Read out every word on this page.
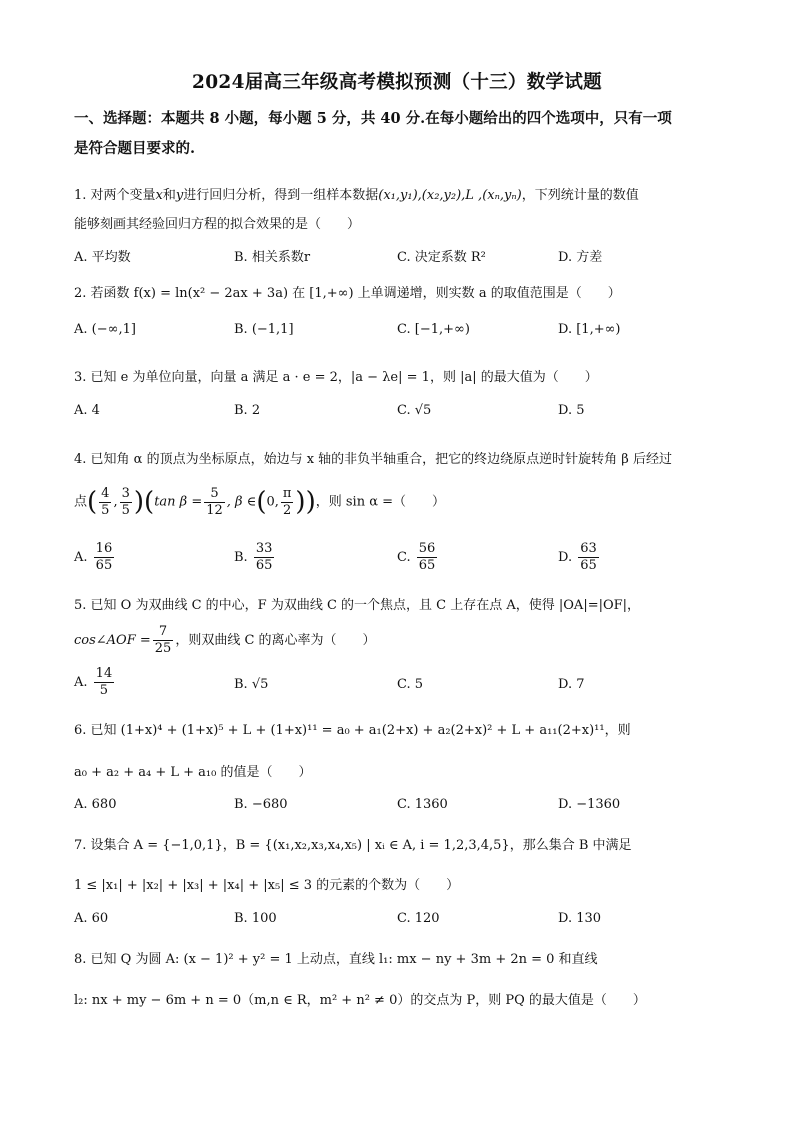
2024届高三年级高考模拟预测（十三）数学试题
一、选择题：本题共 8 小题，每小题 5 分，共 40 分.在每小题给出的四个选项中，只有一项
是符合题目要求的.
1. 对两个变量x和y进行回归分析，得到一组样本数据(x₁,y₁),(x₂,y₂),L ,(xₙ,yₙ)，下列统计量的数值
能够刻画其经验回归方程的拟合效果的是（　　）
A. 平均数	B. 相关系数r	C. 决定系数 R²	D. 方差
2. 若函数 f(x) = ln(x² − 2ax + 3a) 在 [1,+∞) 上单调递增，则实数 a 的取值范围是（　　）
A. (−∞,1]	B. (−1,1]	C. [−1,+∞)	D. [1,+∞)
3. 已知 e 为单位向量，向量 a 满足 a · e = 2，|a − λe| = 1，则 |a| 的最大值为（　　）
A. 4	B. 2	C. √5	D. 5
4. 已知角 α 的顶点为坐标原点，始边与 x 轴的非负半轴重合，把它的终边绕原点逆时针旋转角 β 后经过
点( $\frac{4}{5}$ , $\frac{3}{5} )(\tan$ $\beta = \frac{5}{12}$ , β ∈(0, $\frac{\pi}{2}$ ))，则 sin α =（　　）
A. $\frac{16}{65}$	B. $\frac{33}{65}$	C. $\frac{56}{65}$	D. $\frac{63}{65}$
5. 已知 O 为双曲线 C 的中心，F 为双曲线 C 的一个焦点，且 C 上存在点 A，使得 |OA|=|OF|，
cos∠AOF = $\frac{7}{25}$ ，则双曲线 C 的离心率为（　　）
A. $\frac{14}{5}$	B. √5	C. 5	D. 7
6. 已知 (1+x)⁴ + (1+x)⁵ + L + (1+x)¹¹ = a₀ + a₁(2+x) + a₂(2+x)² + L + a₁₁(2+x)¹¹，则
a₀ + a₂ + a₄ + L + a₁₀ 的值是（　　）
A. 680	B. −680	C. 1360	D. −1360
7. 设集合 A = {−1,0,1}，B = {(x₁,x₂,x₃,x₄,x₅) | xᵢ ∈ A, i = 1,2,3,4,5}，那么集合 B 中满足
1 ≤ |x₁| + |x₂| + |x₃| + |x₄| + |x₅| ≤ 3 的元素的个数为（　　）
A. 60	B. 100	C. 120	D. 130
8. 已知 Q 为圆 A: (x − 1)² + y² = 1 上动点，直线 l₁: mx − ny + 3m + 2n = 0 和直线
l₂: nx + my − 6m + n = 0（m,n ∈ R，m² + n² ≠ 0）的交点为 P，则 PQ 的最大值是（　　）
